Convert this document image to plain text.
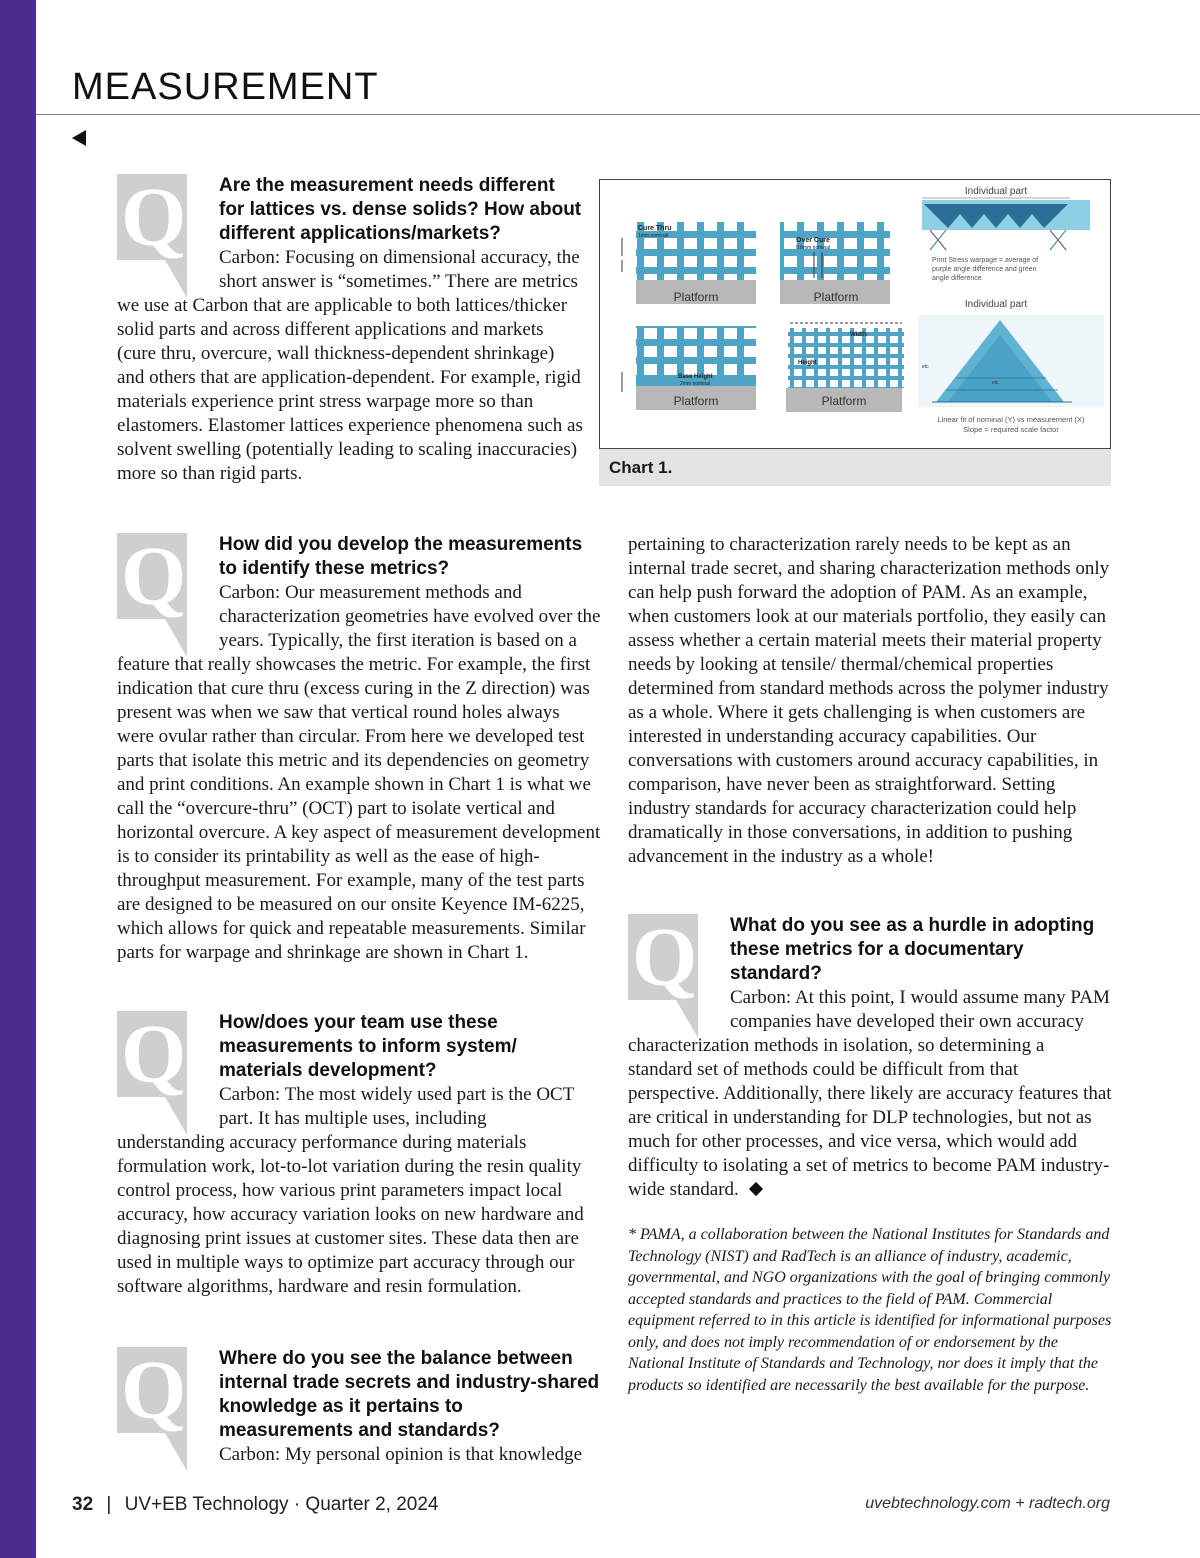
MEASUREMENT
Q	Are the measurement needs different for lattices vs. dense solids? How about different applications/markets?

Carbon: Focusing on dimensional accuracy, the short answer is “sometimes.” There are metrics we use at Carbon that are applicable to both lattices/thicker solid parts and across different applications and markets (cure thru, overcure, wall thickness-dependent shrinkage) and others that are application-dependent. For example, rigid materials experience print stress warpage more so than elastomers. Elastomer lattices experience phenomena such as solvent swelling (potentially leading to scaling inaccuracies) more so than rigid parts.

Q	How did you develop the measurements to identify these metrics?

Carbon: Our measurement methods and characterization geometries have evolved over the years. Typically, the first iteration is based on a feature that really showcases the metric. For example, the first indication that cure thru (excess curing in the Z direction) was present was when we saw that vertical round holes always were ovular rather than circular. From here we developed test parts that isolate this metric and its dependencies on geometry and print conditions. An example shown in Chart 1 is what we call the “overcure-thru” (OCT) part to isolate vertical and horizontal overcure. A key aspect of measurement development is to consider its printability as well as the ease of high-throughput measurement. For example, many of the test parts are designed to be measured on our onsite Keyence IM-6225, which allows for quick and repeatable measurements. Similar parts for warpage and shrinkage are shown in Chart 1.

Q	How/does your team use these measurements to inform system/ materials development?

Carbon: The most widely used part is the OCT part. It has multiple uses, including understanding accuracy performance during materials formulation work, lot-to-lot variation during the resin quality control process, how various print parameters impact local accuracy, how accuracy variation looks on new hardware and diagnosing print issues at customer sites. These data then are used in multiple ways to optimize part accuracy through our software algorithms, hardware and resin formulation.

Q	Where do you see the balance between internal trade secrets and industry-shared knowledge as it pertains to measurements and standards?

Carbon: My personal opinion is that knowledge

Platform
Cure Thru
1mm nominal
Platform
Over Cure
0.8mm nominal
Platform
Base Height
2mm nominal
Platform
Width
Height
Individual part
Print Stress warpage = average of
purple angle difference and green
angle difference
Individual part
etc
etc
Linear fit of nominal (Y) vs measurement (X)
Slope = required scale factor
Chart 1.

pertaining to characterization rarely needs to be kept as an internal trade secret, and sharing characterization methods only can help push forward the adoption of PAM. As an example, when customers look at our materials portfolio, they easily can assess whether a certain material meets their material property needs by looking at tensile/ thermal/chemical properties determined from standard methods across the polymer industry as a whole. Where it gets challenging is when customers are interested in understanding accuracy capabilities. Our conversations with customers around accuracy capabilities, in comparison, have never been as straightforward. Setting industry standards for accuracy characterization could help dramatically in those conversations, in addition to pushing advancement in the industry as a whole!

Q	What do you see as a hurdle in adopting these metrics for a documentary standard?

Carbon: At this point, I would assume many PAM companies have developed their own accuracy characterization methods in isolation, so determining a standard set of methods could be difficult from that perspective. Additionally, there likely are accuracy features that are critical in understanding for DLP technologies, but not as much for other processes, and vice versa, which would add difficulty to isolating a set of metrics to become PAM industry-wide standard.

* PAMA, a collaboration between the National Institutes for Standards and Technology (NIST) and RadTech is an alliance of industry, academic, governmental, and NGO organizations with the goal of bringing commonly accepted standards and practices to the field of PAM. Commercial equipment referred to in this article is identified for informational purposes only, and does not imply recommendation of or endorsement by the National Institute of Standards and Technology, nor does it imply that the products so identified are necessarily the best available for the purpose.

32 | UV+EB Technology · Quarter 2, 2024	uvebtechnology.com + radtech.org
